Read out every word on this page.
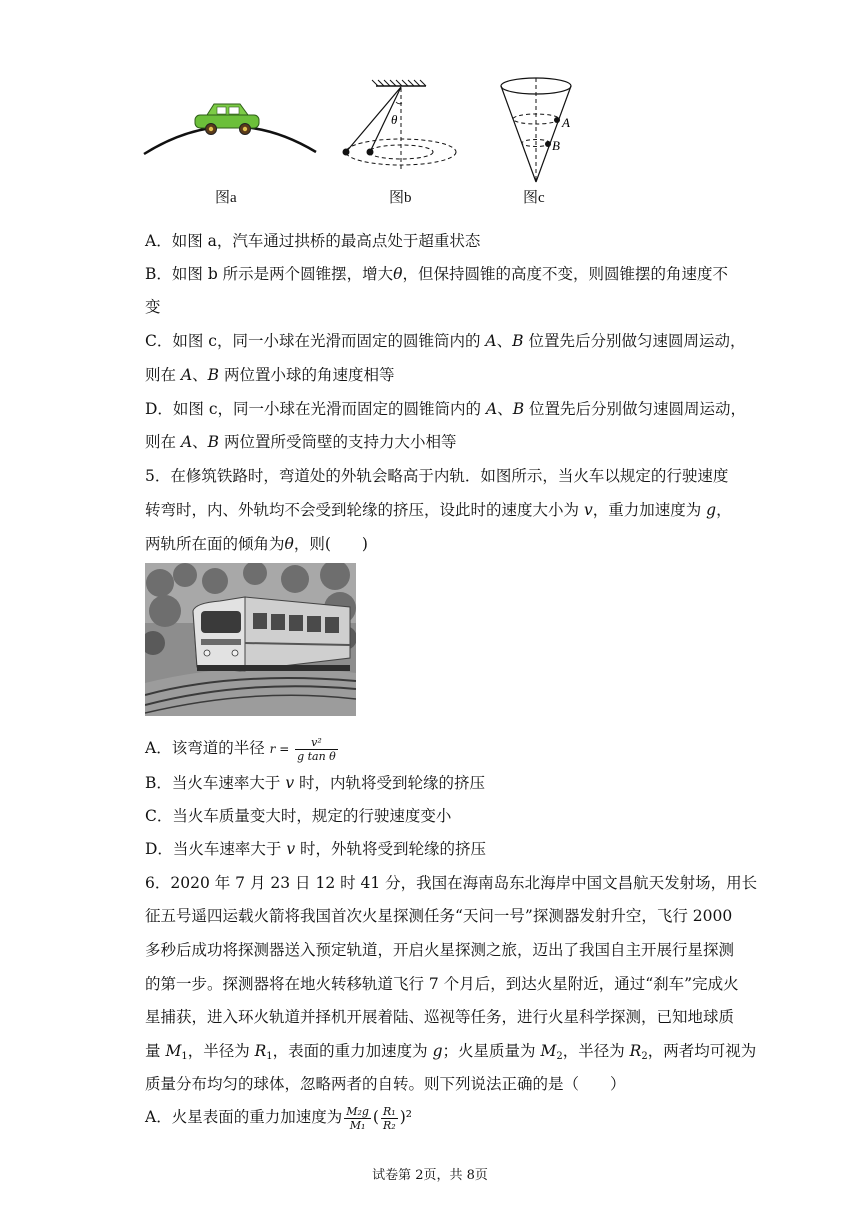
θ	A
B
图a	图b	图c
A．如图 a，汽车通过拱桥的最高点处于超重状态
B．如图 b 所示是两个圆锥摆，增大θ，但保持圆锥的高度不变，则圆锥摆的角速度不
变
C．如图 c，同一小球在光滑而固定的圆锥筒内的 A、B 位置先后分别做匀速圆周运动，
则在 A、B 两位置小球的角速度相等
D．如图 c，同一小球在光滑而固定的圆锥筒内的 A、B 位置先后分别做匀速圆周运动，
则在 A、B 两位置所受筒壁的支持力大小相等
5．在修筑铁路时，弯道处的外轨会略高于内轨．如图所示，当火车以规定的行驶速度
转弯时，内、外轨均不会受到轮缘的挤压，设此时的速度大小为 v，重力加速度为 g，
两轨所在面的倾角为θ，则(　　)
A．该弯道的半径 $r = \frac{\text{v²}}{\text{g tan θ}}$
B．当火车速率大于 v 时，内轨将受到轮缘的挤压
C．当火车质量变大时，规定的行驶速度变小
D．当火车速率大于 v 时，外轨将受到轮缘的挤压
6．2020 年 7 月 23 日 12 时 41 分，我国在海南岛东北海岸中国文昌航天发射场，用长
征五号遥四运载火箭将我国首次火星探测任务“天问一号”探测器发射升空，飞行 2000
多秒后成功将探测器送入预定轨道，开启火星探测之旅，迈出了我国自主开展行星探测
的第一步。探测器将在地火转移轨道飞行 7 个月后，到达火星附近，通过“刹车”完成火
星捕获，进入环火轨道并择机开展着陆、巡视等任务，进行火星科学探测，已知地球质
量 $M_1$，半径为 $R_1$，表面的重力加速度为 g；火星质量为 $M_2$，半径为 $R_2$，两者均可视为
质量分布均匀的球体，忽略两者的自转。则下列说法正确的是（　　）
A．火星表面的重力加速度为 $\frac{\text{M₂g}}{\text{M₁}}$ ( $\frac{\text{R₁}}{\text{R₂}} )^2$
试卷第 2页，共 8页
